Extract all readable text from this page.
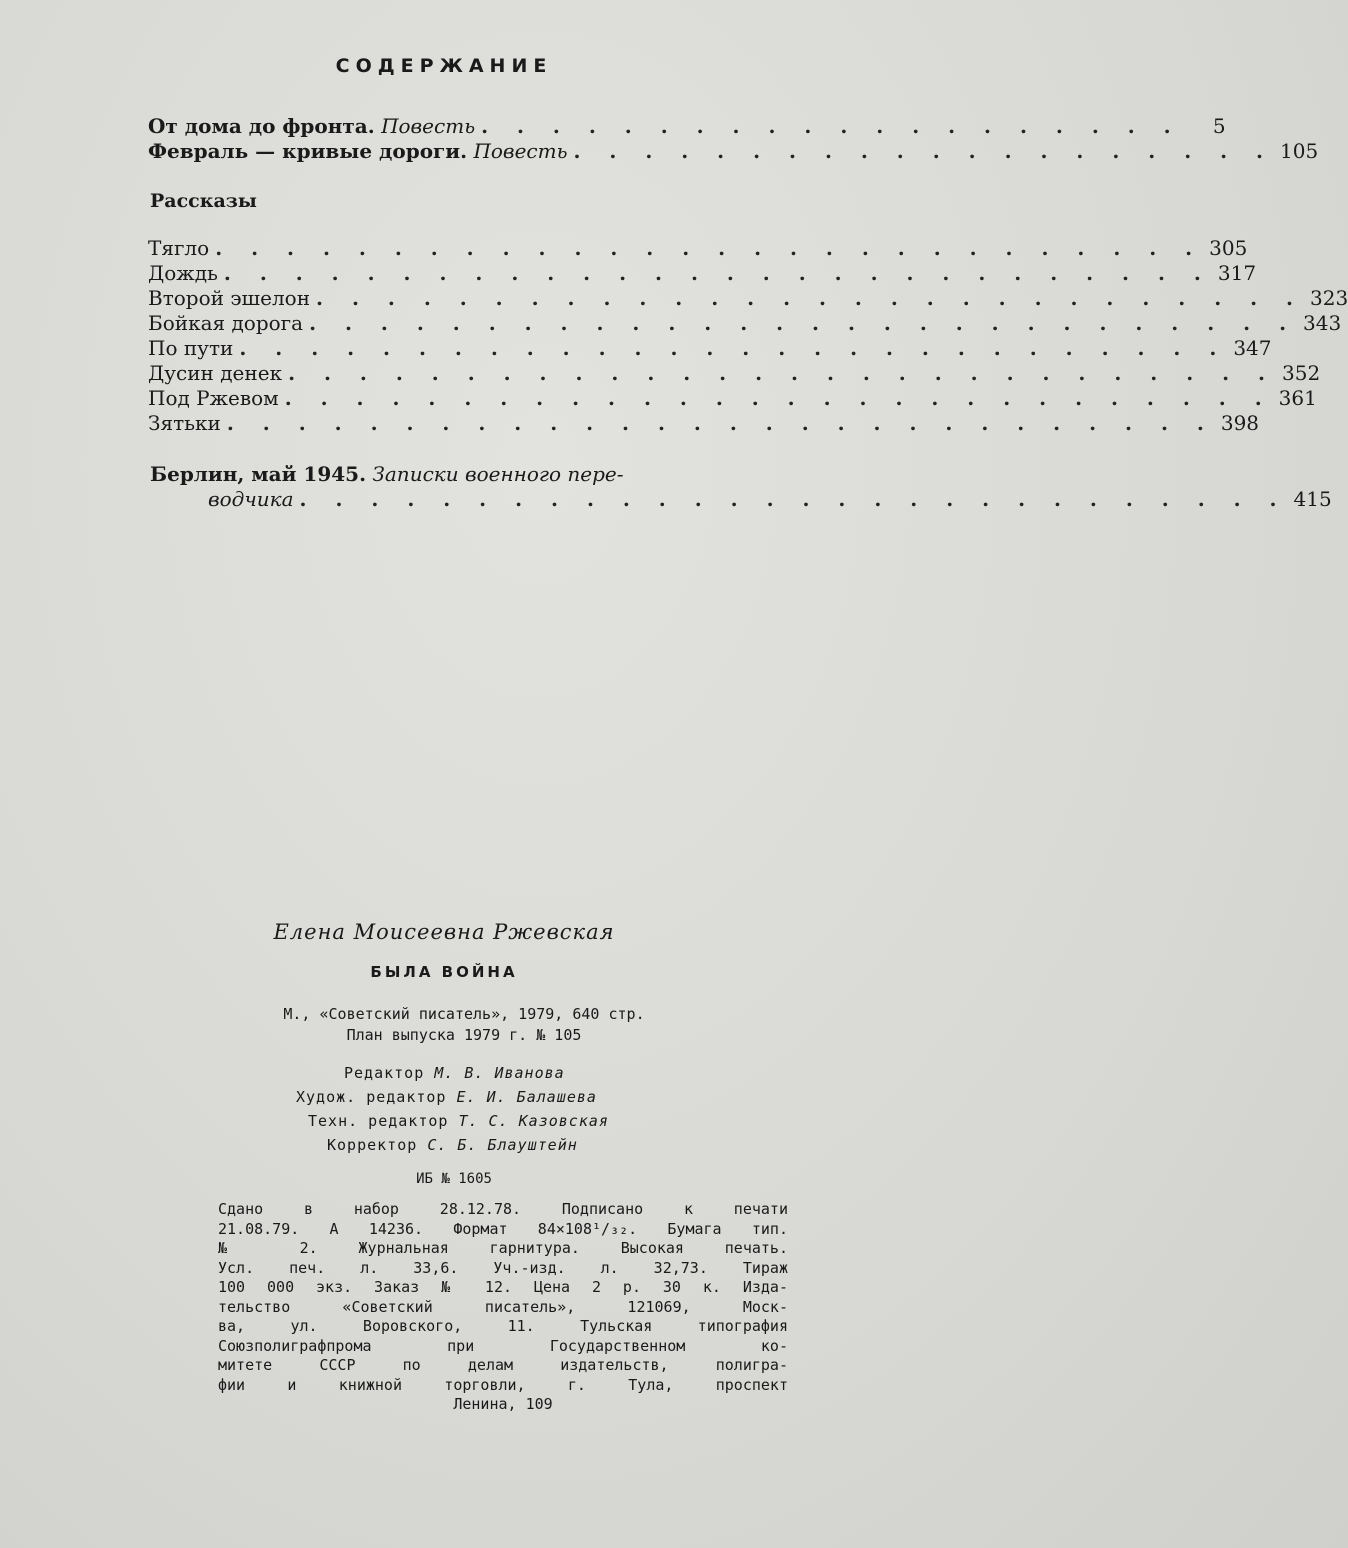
СОДЕРЖАНИЕ
От дома до фронта. Повесть . . . . . . . . . . . . . . . . . . . .	5
Февраль — кривые дороги. Повесть . . . . . . . . . . . . . . . . . . . . 105
Рассказы
Тягло . . . . . . . . . . . . . . . . . . . . . . . . . . . . 305
Дождь . . . . . . . . . . . . . . . . . . . . . . . . . . . . 317
Второй эшелон . . . . . . . . . . . . . . . . . . . . . . . . . . . . 323
Бойкая дорога . . . . . . . . . . . . . . . . . . . . . . . . . . . . 343
По пути . . . . . . . . . . . . . . . . . . . . . . . . . . . . 347
Дусин денек . . . . . . . . . . . . . . . . . . . . . . . . . . . . 352
Под Ржевом . . . . . . . . . . . . . . . . . . . . . . . . . . . . 361
Зятьки . . . . . . . . . . . . . . . . . . . . . . . . . . . . 398
Берлин, май 1945. Записки военного пере-
водчика . . . . . . . . . . . . . . . . . . . . . . . . . . . . 415
Елена Моисеевна Ржевская
БЫЛА ВОЙНА
М., «Советский писатель», 1979, 640 стр.
План выпуска 1979 г. № 105
Редактор М. В. Иванова
Худож. редактор Е. И. Балашева
Техн. редактор Т. С. Казовская
Корректор С. Б. Блауштейн
ИБ № 1605
Сдано в набор 28.12.78. Подписано к печати
21.08.79. А 14236. Формат 84×108¹/₃₂. Бумага тип.
№ 2. Журнальная гарнитура. Высокая печать.
Усл. печ. л. 33,6. Уч.-изд. л. 32,73. Тираж
100 000 экз. Заказ № 12. Цена 2 р. 30 к. Изда-
тельство «Советский писатель», 121069, Моск-
ва, ул. Воровского, 11. Тульская типография
Союзполиграфпрома при Государственном ко-
митете СССР по делам издательств, полигра-
фии и книжной торговли, г. Тула, проспект
Ленина, 109
